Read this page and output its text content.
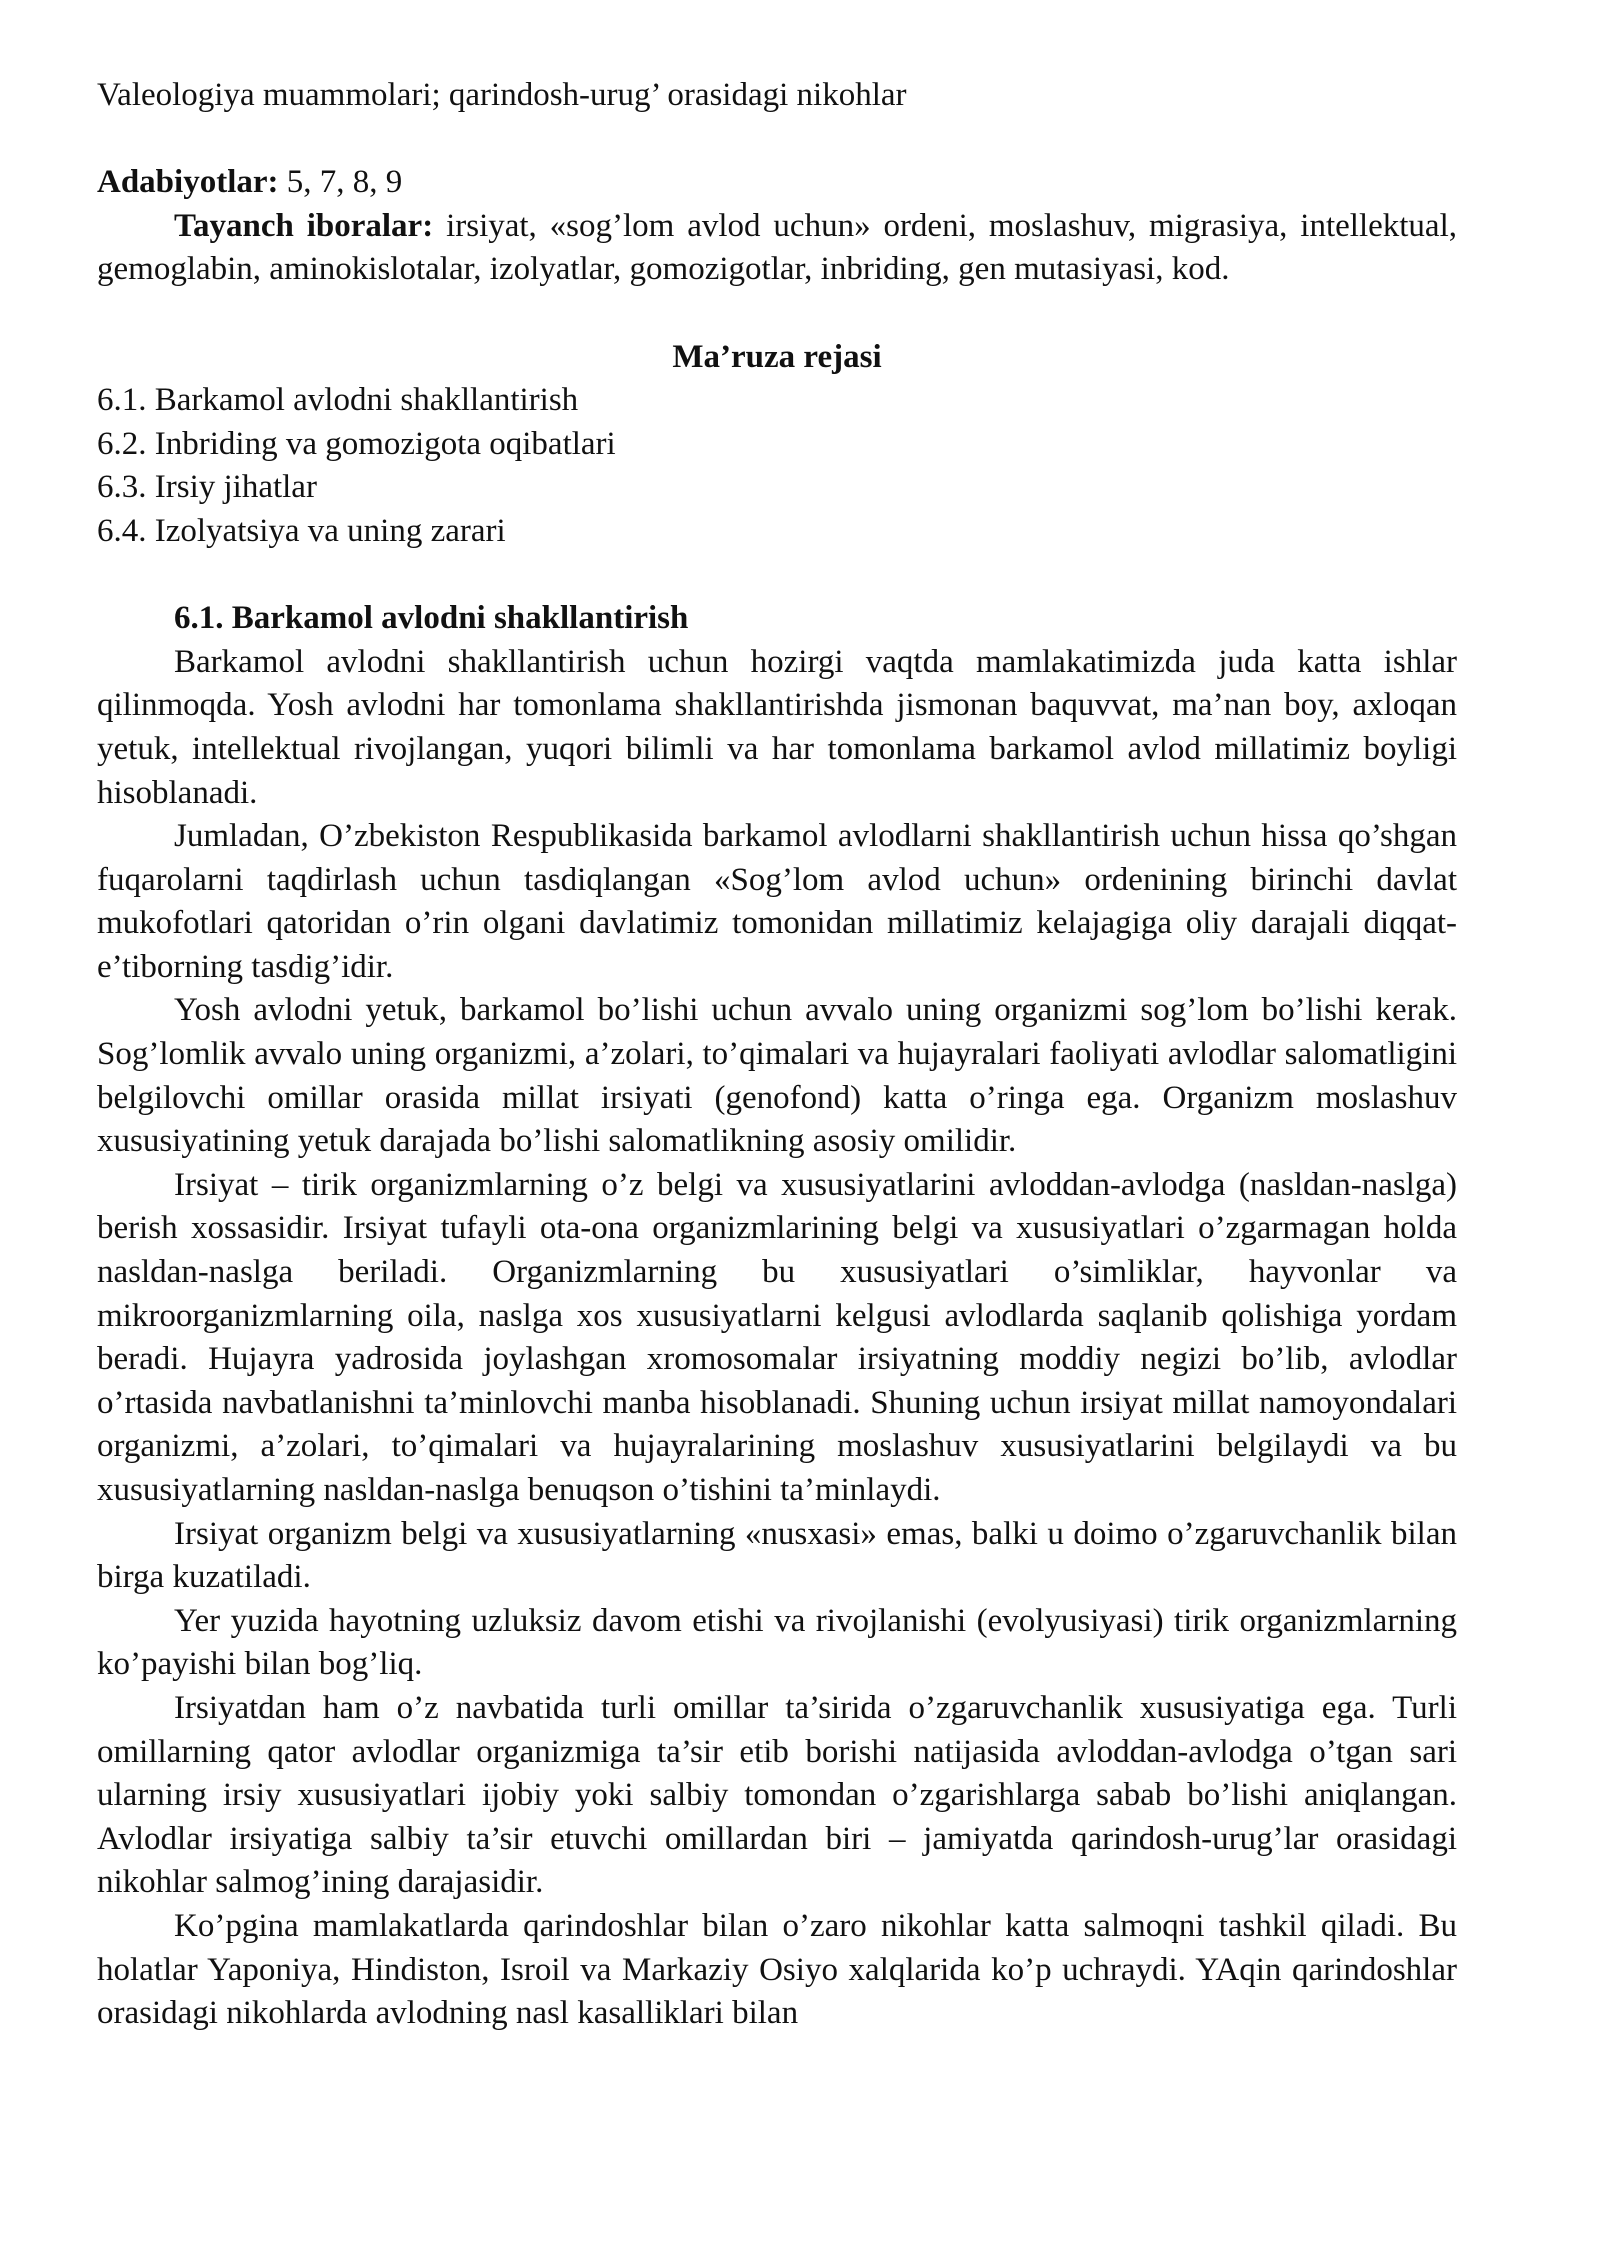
Valeologiya muammolari; qarindosh-urug’ orasidagi nikohlar

Adabiyotlar: 5, 7, 8, 9

Tayanch iboralar: irsiyat, «sog’lom avlod uchun» ordeni, moslashuv, migrasiya, intellektual, gemoglabin, aminokislotalar, izolyatlar, gomozigotlar, inbriding, gen mutasiyasi, kod.

Ma’ruza rejasi

6.1. Barkamol avlodni shakllantirish

6.2. Inbriding va gomozigota oqibatlari

6.3. Irsiy jihatlar

6.4. Izolyatsiya va uning zarari

6.1. Barkamol avlodni shakllantirish

Barkamol avlodni shakllantirish uchun hozirgi vaqtda mamlakatimizda juda katta ishlar qilinmoqda. Yosh avlodni har tomonlama shakllantirishda jismonan baquvvat, ma’nan boy, axloqan yetuk, intellektual rivojlangan, yuqori bilimli va har tomonlama barkamol avlod millatimiz boyligi hisoblanadi.

Jumladan, O’zbekiston Respublikasida barkamol avlodlarni shakllantirish uchun hissa qo’shgan fuqarolarni taqdirlash uchun tasdiqlangan «Sog’lom avlod uchun» ordenining birinchi davlat mukofotlari qatoridan o’rin olgani davlatimiz tomonidan millatimiz kelajagiga oliy darajali diqqat-e’tiborning tasdig’idir.

Yosh avlodni yetuk, barkamol bo’lishi uchun avvalo uning organizmi sog’lom bo’lishi kerak. Sog’lomlik avvalo uning organizmi, a’zolari, to’qimalari va hujayralari faoliyati avlodlar salomatligini belgilovchi omillar orasida millat irsiyati (genofond) katta o’ringa ega. Organizm moslashuv xususiyatining yetuk darajada bo’lishi salomatlikning asosiy omilidir.

Irsiyat – tirik organizmlarning o’z belgi va xususiyatlarini avloddan-avlodga (nasldan-naslga) berish xossasidir. Irsiyat tufayli ota-ona organizmlarining belgi va xususiyatlari o’zgarmagan holda nasldan-naslga beriladi. Organizmlarning bu xususiyatlari o’simliklar, hayvonlar va mikroorganizmlarning oila, naslga xos xususiyatlarni kelgusi avlodlarda saqlanib qolishiga yordam beradi. Hujayra yadrosida joylashgan xromosomalar irsiyatning moddiy negizi bo’lib, avlodlar o’rtasida navbatlanishni ta’minlovchi manba hisoblanadi. Shuning uchun irsiyat millat namoyondalari organizmi, a’zolari, to’qimalari va hujayralarining moslashuv xususiyatlarini belgilaydi va bu xususiyatlarning nasldan-naslga benuqson o’tishini ta’minlaydi.

Irsiyat organizm belgi va xususiyatlarning «nusxasi» emas, balki u doimo o’zgaruvchanlik bilan birga kuzatiladi.

Yer yuzida hayotning uzluksiz davom etishi va rivojlanishi (evolyusiyasi) tirik organizmlarning ko’payishi bilan bog’liq.

Irsiyatdan ham o’z navbatida turli omillar ta’sirida o’zgaruvchanlik xususiyatiga ega. Turli omillarning qator avlodlar organizmiga ta’sir etib borishi natijasida avloddan-avlodga o’tgan sari ularning irsiy xususiyatlari ijobiy yoki salbiy tomondan o’zgarishlarga sabab bo’lishi aniqlangan. Avlodlar irsiyatiga salbiy ta’sir etuvchi omillardan biri – jamiyatda qarindosh-urug’lar orasidagi nikohlar salmog’ining darajasidir.

Ko’pgina mamlakatlarda qarindoshlar bilan o’zaro nikohlar katta salmoqni tashkil qiladi. Bu holatlar Yaponiya, Hindiston, Isroil va Markaziy Osiyo xalqlarida ko’p uchraydi. YAqin qarindoshlar orasidagi nikohlarda avlodning nasl kasalliklari bilan
